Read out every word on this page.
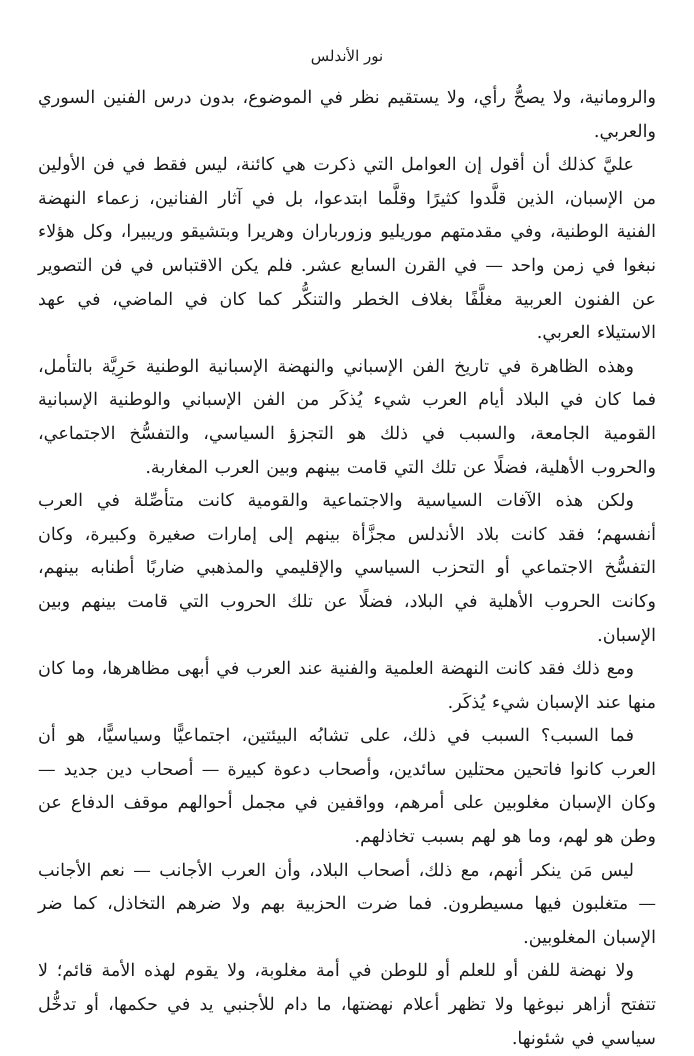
نور الأندلس

والرومانية، ولا يصحُّ رأي، ولا يستقيم نظر في الموضوع، بدون درس الفنين السوري والعربي.

عليَّ كذلك أن أقول إن العوامل التي ذكرت هي كائنة، ليس فقط في فن الأولين من الإسبان، الذين قلَّدوا كثيرًا وقلَّما ابتدعوا، بل في آثار الفنانين، زعماء النهضة الفنية الوطنية، وفي مقدمتهم موريليو وزورباران وهريرا وبتشيقو وريبيرا، وكل هؤلاء نبغوا في زمن واحد — في القرن السابع عشر. فلم يكن الاقتباس في فن التصوير عن الفنون العربية مغلَّفًا بغلاف الخطر والتنكُّر كما كان في الماضي، في عهد الاستيلاء العربي.

وهذه الظاهرة في تاريخ الفن الإسباني والنهضة الإسبانية الوطنية حَرِيَّة بالتأمل، فما كان في البلاد أيام العرب شيء يُذكَر من الفن الإسباني والوطنية الإسبانية القومية الجامعة، والسبب في ذلك هو التجزؤ السياسي، والتفسُّخ الاجتماعي، والحروب الأهلية، فضلًا عن تلك التي قامت بينهم وبين العرب المغاربة.

ولكن هذه الآفات السياسية والاجتماعية والقومية كانت متأصِّلة في العرب أنفسهم؛ فقد كانت بلاد الأندلس مجزَّأة بينهم إلى إمارات صغيرة وكبيرة، وكان التفسُّخ الاجتماعي أو التحزب السياسي والإقليمي والمذهبي ضاربًا أطنابه بينهم، وكانت الحروب الأهلية في البلاد، فضلًا عن تلك الحروب التي قامت بينهم وبين الإسبان.

ومع ذلك فقد كانت النهضة العلمية والفنية عند العرب في أبهى مظاهرها، وما كان منها عند الإسبان شيء يُذكَر.

فما السبب؟ السبب في ذلك، على تشابُه البيئتين، اجتماعيًّا وسياسيًّا، هو أن العرب كانوا فاتحين محتلين سائدين، وأصحاب دعوة كبيرة — أصحاب دين جديد — وكان الإسبان مغلوبين على أمرهم، وواقفين في مجمل أحوالهم موقف الدفاع عن وطن هو لهم، وما هو لهم بسبب تخاذلهم.

ليس مَن ينكر أنهم، مع ذلك، أصحاب البلاد، وأن العرب الأجانب — نعم الأجانب — متغلبون فيها مسيطرون. فما ضرت الحزبية بهم ولا ضرهم التخاذل، كما ضر الإسبان المغلوبين.

ولا نهضة للفن أو للعلم أو للوطن في أمة مغلوبة، ولا يقوم لهذه الأمة قائم؛ لا تتفتح أزاهر نبوغها ولا تظهر أعلام نهضتها، ما دام للأجنبي يد في حكمها، أو تدخُّل سياسي في شئونها.
